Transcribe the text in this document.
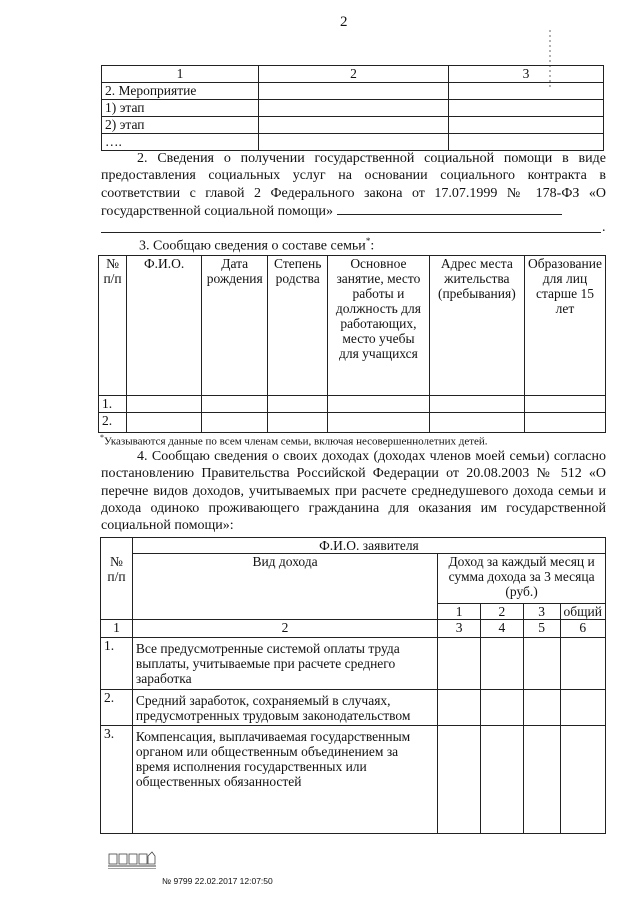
2
1	2	3
2. Мероприятие		
1) этап		
2) этап		
….		
2. Сведения о получении государственной социальной помощи в виде предоставления социальных услуг на основании социального контракта в соответствии с главой 2 Федерального закона от 17.07.1999 № 178-ФЗ «О государственной социальной помощи»
.
3. Сообщаю сведения о составе семьи*:
№ п/п	Ф.И.О.	Дата рождения	Степень родства	Основное занятие, место работы и должность для работающих, место учебы для учащихся	Адрес места жительства (пребывания)	Образование для лиц старше 15 лет
1.						
2.						
*Указываются данные по всем членам семьи, включая несовершеннолетних детей.
4. Сообщаю сведения о своих доходах (доходах членов моей семьи) согласно постановлению Правительства Российской Федерации от 20.08.2003 № 512 «О перечне видов доходов, учитываемых при расчете среднедушевого дохода семьи и дохода одиноко проживающего гражданина для оказания им государственной социальной помощи»:
№ п/п	Ф.И.О. заявителя				
	Вид дохода	Доход за каждый месяц и сумма дохода за 3 месяца (руб.)			
		1	2	3	общий
1	2	3	4	5	6
1.	Все предусмотренные системой оплаты труда выплаты, учитываемые при расчете среднего заработка				
2.	Средний заработок, сохраняемый в случаях, предусмотренных трудовым законодательством				
3.	Компенсация, выплачиваемая государственным органом или общественным объединением за время исполнения государственных или общественных обязанностей				
№ 9799 22.02.2017 12:07:50
